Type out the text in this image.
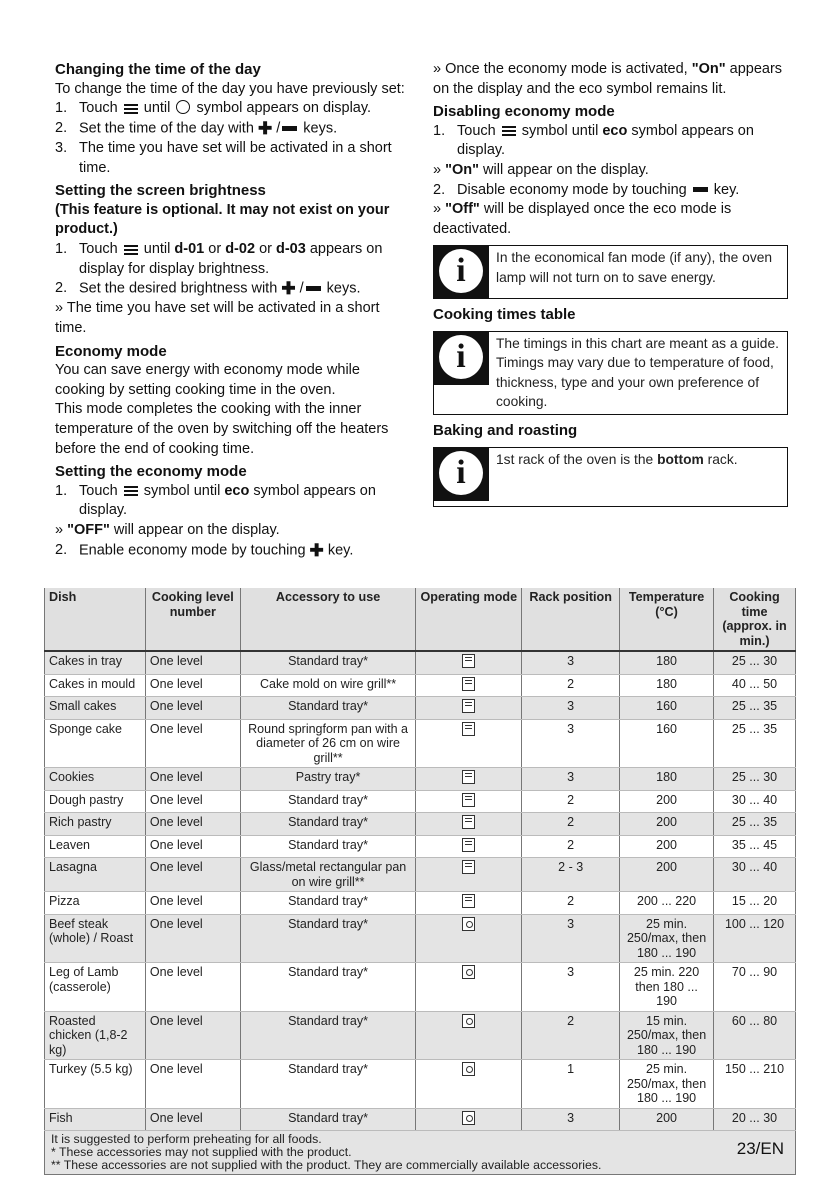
Changing the time of the day

To change the time of the day you have previously set:

1. Touch until symbol appears on display.
2. Set the time of the day with ✚ / keys.
3. The time you have set will be activated in a short time.
Setting the screen brightness
(This feature is optional. It may not exist on your product.)
1. Touch until d-01 or d-02 or d-03 appears on display for display brightness.
2. Set the desired brightness with ✚ / keys.

» The time you have set will be activated in a short time.

Economy mode

You can save energy with economy mode while cooking by setting cooking time in the oven.

This mode completes the cooking with the inner temperature of the oven by switching off the heaters before the end of cooking time.

Setting the economy mode
1. Touch symbol until eco symbol appears on display.

» "OFF" will appear on the display.

2. Enable economy mode by touching ✚ key.

» Once the economy mode is activated, "On" appears on the display and the eco symbol remains lit.

Disabling economy mode
1. Touch symbol until eco symbol appears on display.

» "On" will appear on the display.

2. Disable economy mode by touching key.

» "Off" will be displayed once the eco mode is deactivated.

i	In the economical fan mode (if any), the oven lamp will not turn on to save energy.
Cooking times table
i	The timings in this chart are meant as a guide. Timings may vary due to temperature of food, thickness, type and your own preference of cooking.
Baking and roasting
i	1st rack of the oven is the bottom rack.
Dish	Cooking level number	Accessory to use	Operating mode	Rack position	Temperature (°C)	Cooking time (approx. in min.)
Cakes in tray	One level	Standard tray*		3	180	25 ... 30
Cakes in mould	One level	Cake mold on wire grill**		2	180	40 ... 50
Small cakes	One level	Standard tray*		3	160	25 ... 35
Sponge cake	One level	Round springform pan with a diameter of 26 cm on wire grill**		3	160	25 ... 35
Cookies	One level	Pastry tray*		3	180	25 ... 30
Dough pastry	One level	Standard tray*		2	200	30 ... 40
Rich pastry	One level	Standard tray*		2	200	25 ... 35
Leaven	One level	Standard tray*		2	200	35 ... 45
Lasagna	One level	Glass/metal rectangular pan on wire grill**		2 - 3	200	30 ... 40
Pizza	One level	Standard tray*		2	200 ... 220	15 ... 20
Beef steak (whole) / Roast	One level	Standard tray*		3	25 min. 250/max, then 180 ... 190	100 ... 120
Leg of Lamb (casserole)	One level	Standard tray*		3	25 min. 220 then 180 ... 190	70 ... 90
Roasted chicken (1,8-2 kg)	One level	Standard tray*		2	15 min. 250/max, then 180 ... 190	60 ... 80
Turkey (5.5 kg)	One level	Standard tray*		1	25 min. 250/max, then 180 ... 190	150 ... 210
Fish	One level	Standard tray*		3	200	20 ... 30

It is suggested to perform preheating for all foods.
* These accessories may not supplied with the product.
** These accessories are not supplied with the product. They are commercially available accessories.						
23/EN
